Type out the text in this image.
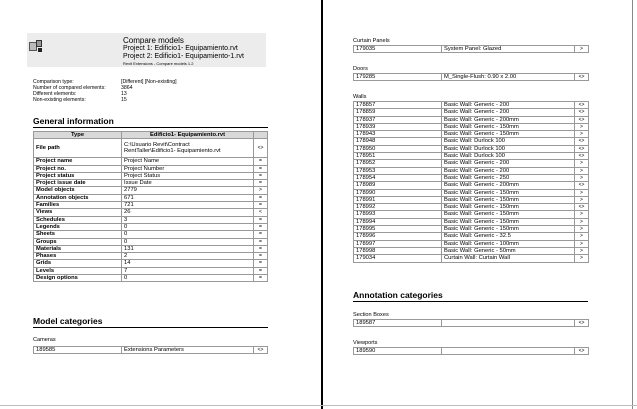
Compare models
Project 1: Edificio1- Equipamiento.rvt
Project 2: Edificio1- Equipamiento-1.rvt
Revit Extensions - Compare models 1.2
Comparison type:	[Different] [Non-existing]
Number of compared elements:	3864
Different elements:	13
Non-existing elements:	15
General information
Type	Edificio1- Equipamiento.rvt	
File path	C:\Usuario Revit\Contract
RentTaller\Edificio1- Equipamiento.rvt	<>
Project name	Project Name	=
Project no.	Project Number	=
Project status	Project Status	=
Project issue date	Issue Date	=
Model objects	2779	>
Annotation objects	671	=
Families	721	=
Views	26	<
Schedules	3	=
Legends	0	=
Sheets	0	=
Groups	0	=
Materials	131	=
Phases	2	=
Grids	14	=
Levels	7	=
Design options	0	=
Model categories
Cameras
189585	Extensions Parameters	<>
Curtain Panels
179035	System Panel: Glazed	>
Doors
179285	M_Single-Flush: 0.90 x 2.00	<>
Walls
178857	Basic Wall: Generic - 200	<>
178859	Basic Wall: Generic - 200	<>
178937	Basic Wall: Generic - 200mm	<>
178939	Basic Wall: Generic - 150mm	>
178943	Basic Wall: Generic - 150mm	>
178948	Basic Wall: Durlock 100	<>
178950	Basic Wall: Durlock 100	<>
178951	Basic Wall: Durlock 100	<>
178952	Basic Wall: Generic - 200	>
178953	Basic Wall: Generic - 200	>
178954	Basic Wall: Generic - 250	>
178989	Basic Wall: Generic - 200mm	<>
178990	Basic Wall: Generic - 150mm	>
178991	Basic Wall: Generic - 150mm	>
178992	Basic Wall: Generic - 150mm	<>
178993	Basic Wall: Generic - 150mm	>
178994	Basic Wall: Generic - 150mm	>
178995	Basic Wall: Generic - 150mm	>
178996	Basic Wall: Generic - 32.5	>
178997	Basic Wall: Generic - 100mm	>
178998	Basic Wall: Generic - 50mm	>
179034	Curtain Wall: Curtain Wall	>
Annotation categories
Section Boxes
189587		<>
Viewports
189590		<>
